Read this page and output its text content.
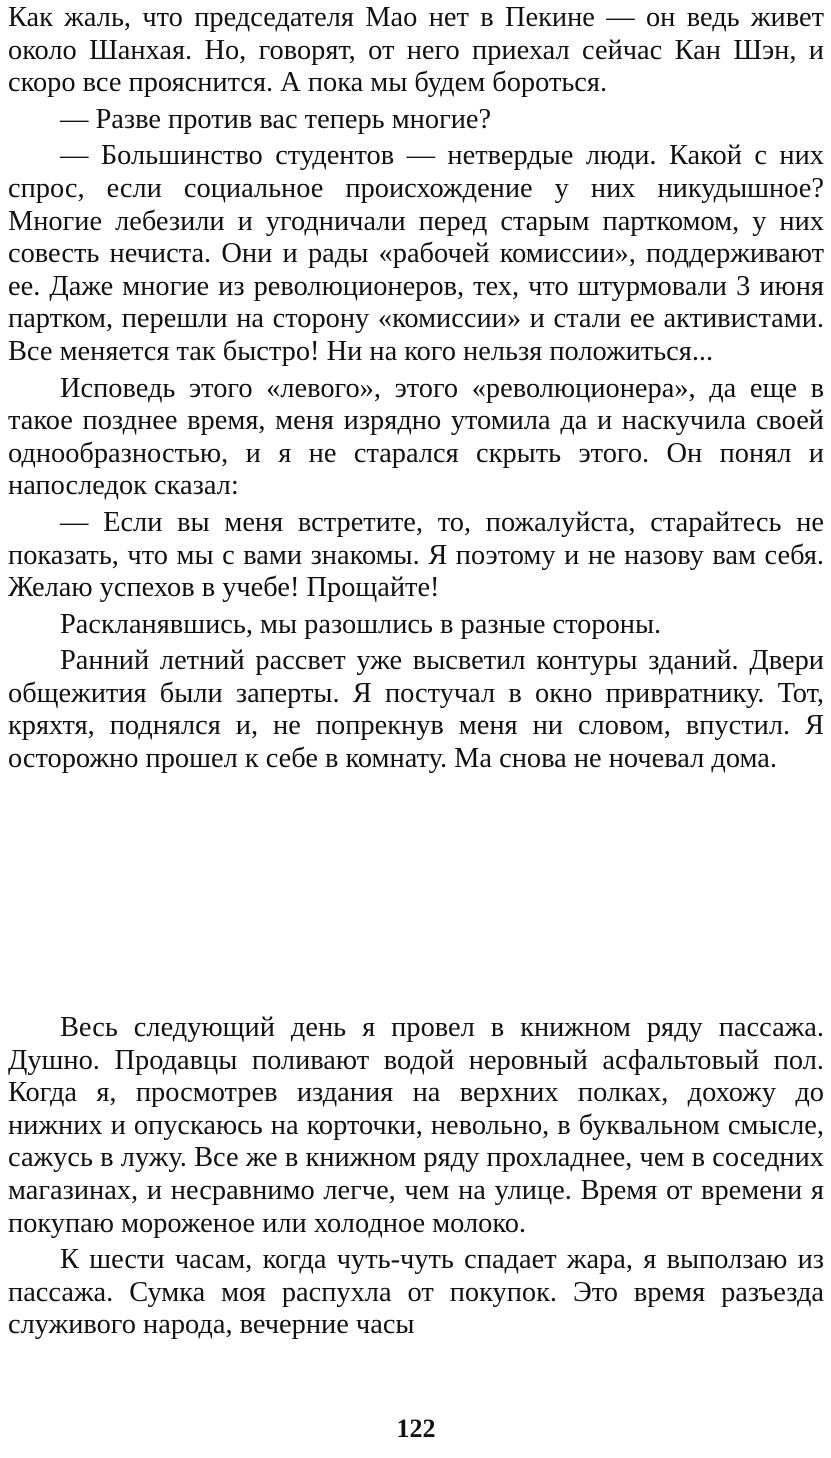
Как жаль, что председателя Мао нет в Пекине — он ведь живет около Шанхая. Но, говорят, от него приехал сейчас Кан Шэн, и скоро все прояснится. А пока мы будем бороться.

— Разве против вас теперь многие?

— Большинство студентов — нетвердые люди. Какой с них спрос, если социальное происхождение у них никудышное? Многие лебезили и угодничали перед старым парткомом, у них совесть нечиста. Они и рады «рабочей комиссии», поддерживают ее. Даже многие из революционеров, тех, что штурмовали 3 июня партком, перешли на сторону «комиссии» и стали ее активистами. Все меняется так быстро! Ни на кого нельзя положиться...

Исповедь этого «левого», этого «революционера», да еще в такое позднее время, меня изрядно утомила да и наскучила своей однообразностью, и я не старался скрыть этого. Он понял и напоследок сказал:

— Если вы меня встретите, то, пожалуйста, старайтесь не показать, что мы с вами знакомы. Я поэтому и не назову вам себя. Желаю успехов в учебе! Прощайте!

Раскланявшись, мы разошлись в разные стороны.

Ранний летний рассвет уже высветил контуры зданий. Двери общежития были заперты. Я постучал в окно привратнику. Тот, кряхтя, поднялся и, не попрекнув меня ни словом, впустил. Я осторожно прошел к себе в комнату. Ма снова не ночевал дома.

Весь следующий день я провел в книжном ряду пассажа. Душно. Продавцы поливают водой неровный асфальтовый пол. Когда я, просмотрев издания на верхних полках, дохожу до нижних и опускаюсь на корточки, невольно, в буквальном смысле, сажусь в лужу. Все же в книжном ряду прохладнее, чем в соседних магазинах, и несравнимо легче, чем на улице. Время от времени я покупаю мороженое или холодное молоко.

К шести часам, когда чуть-чуть спадает жара, я выползаю из пассажа. Сумка моя распухла от покупок. Это время разъезда служивого народа, вечерние часы

122
